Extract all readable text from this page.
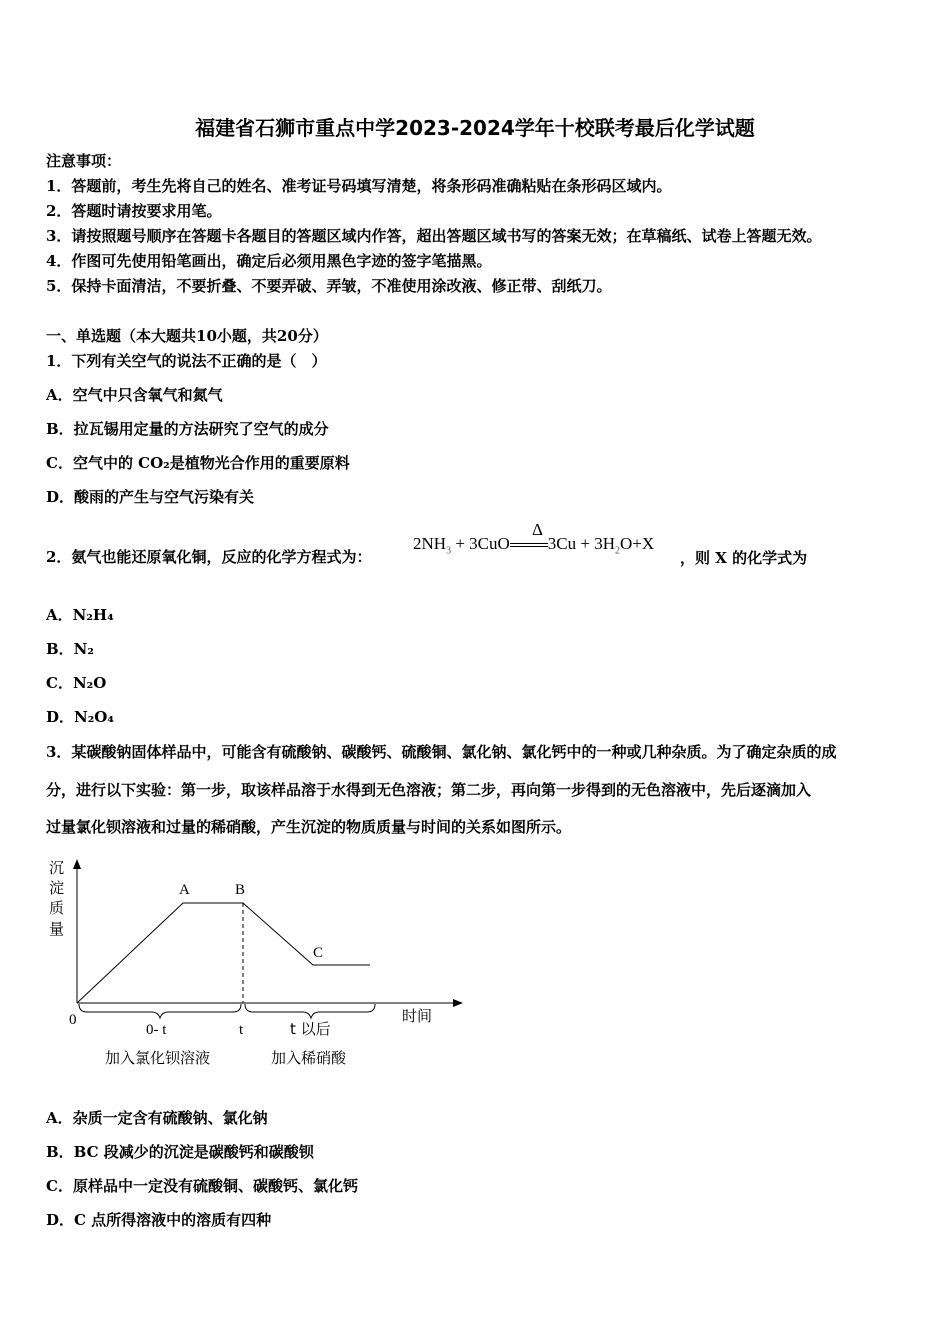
福建省石狮市重点中学2023-2024学年十校联考最后化学试题
注意事项：
1．答题前，考生先将自己的姓名、准考证号码填写清楚，将条形码准确粘贴在条形码区域内。
2．答题时请按要求用笔。
3．请按照题号顺序在答题卡各题目的答题区域内作答，超出答题区域书写的答案无效；在草稿纸、试卷上答题无效。
4．作图可先使用铅笔画出，确定后必须用黑色字迹的签字笔描黑。
5．保持卡面清洁，不要折叠、不要弄破、弄皱，不准使用涂改液、修正带、刮纸刀。
一、单选题（本大题共10小题，共20分）
1．下列有关空气的说法不正确的是（　）
A．空气中只含氧气和氮气
B．拉瓦锡用定量的方法研究了空气的成分
C．空气中的 CO₂是植物光合作用的重要原料
D．酸雨的产生与空气污染有关
2．氨气也能还原氧化铜，反应的化学方程式为：
Δ
$2NH_3 + 3CuO$ $3Cu + 3H_2O+X$
，则 X 的化学式为
A．N₂H₄
B．N₂
C．N₂O
D．N₂O₄
3．某碳酸钠固体样品中，可能含有硫酸钠、碳酸钙、硫酸铜、氯化钠、氯化钙中的一种或几种杂质。为了确定杂质的成
分，进行以下实验：第一步，取该样品溶于水得到无色溶液；第二步，再向第一步得到的无色溶液中，先后逐滴加入
过量氯化钡溶液和过量的稀硝酸，产生沉淀的物质质量与时间的关系如图所示。
沉
淀
质
量
A	B
C
0
0- t	t	t 以后
时间
加入氯化钡溶液	加入稀硝酸
A．杂质一定含有硫酸钠、氯化钠
B．BC 段减少的沉淀是碳酸钙和碳酸钡
C．原样品中一定没有硫酸铜、碳酸钙、氯化钙
D．C 点所得溶液中的溶质有四种
